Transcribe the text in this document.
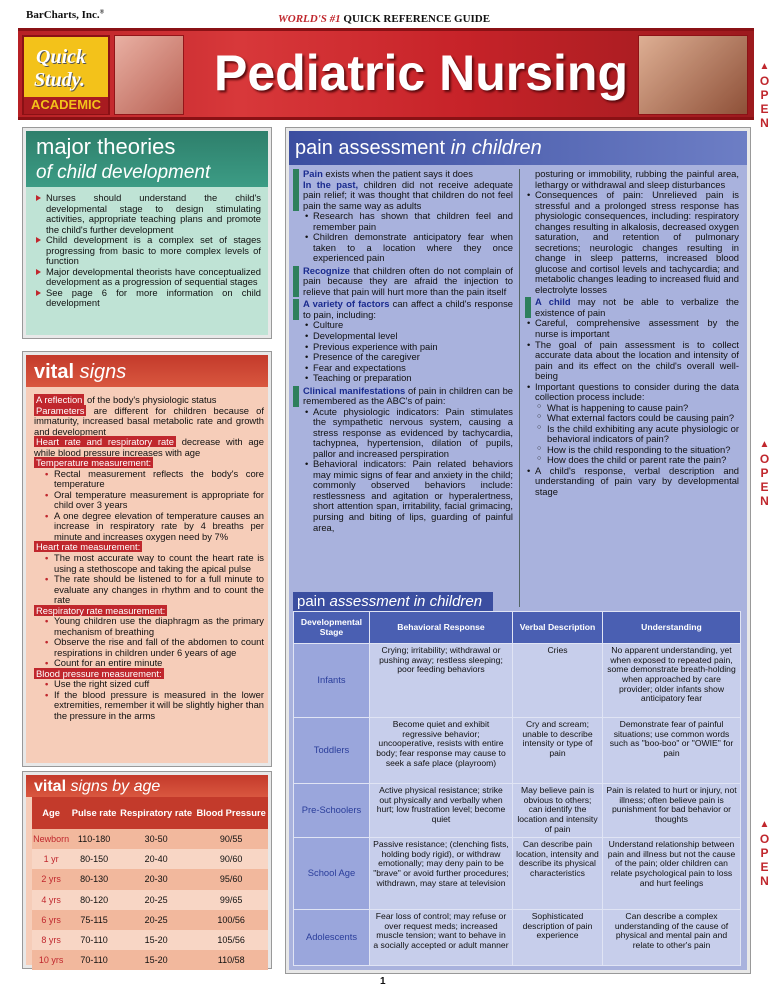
BarCharts, Inc.®
WORLD'S #1 QUICK REFERENCE GUIDE
Quick
Study.
ACADEMIC
Pediatric Nursing	▲
O
P
E
N
▲
O
P
E
N
▲
O
P
E
N
major theories
of child development
Nurses should understand the child's developmental stage to design stimulating activities, appropriate teaching plans and promote the child's further development
Child development is a complex set of stages progressing from basic to more complex levels of function
Major developmental theorists have conceptualized development as a progression of sequential stages
See page 6 for more information on child development
vital signs

A reflection of the body's physiologic status

Parameters are different for children because of immaturity, increased basal metabolic rate and growth and development

Heart rate and respiratory rate decrease with age while blood pressure increases with age

Temperature measurement:

• Rectal measurement reflects the body's core temperature
• Oral temperature measurement is appropriate for child over 3 years
• A one degree elevation of temperature causes an increase in respiratory rate by 4 breaths per minute and increases oxygen need by 7%

Heart rate measurement:

• The most accurate way to count the heart rate is using a stethoscope and taking the apical pulse
• The rate should be listened to for a full minute to evaluate any changes in rhythm and to count the rate

Respiratory rate measurement:

• Young children use the diaphragm as the primary mechanism of breathing
• Observe the rise and fall of the abdomen to count respirations in children under 6 years of age
• Count for an entire minute

Blood pressure measurement:

• Use the right sized cuff
• If the blood pressure is measured in the lower extremities, remember it will be slightly higher than the pressure in the arms
vital signs by age
Age	Pulse rate	Respiratory rate	Blood Pressure
Newborn	110-180	30-50	90/55
1 yr	80-150	20-40	90/60
2 yrs	80-130	20-30	95/60
4 yrs	80-120	20-25	99/65
6 yrs	75-115	20-25	100/56
8 yrs	70-110	15-20	105/56
10 yrs	70-110	15-20	110/58
pain assessment in children

Pain exists when the patient says it does

In the past, children did not receive adequate pain relief; it was thought that children do not feel pain the same way as adults

• Research has shown that children feel and remember pain
• Children demonstrate anticipatory fear when taken to a location where they once experienced pain

Recognize that children often do not complain of pain because they are afraid the injection to relieve that pain will hurt more than the pain itself

A variety of factors can affect a child's response to pain, including:

• Culture
• Developmental level
• Previous experience with pain
• Presence of the caregiver
• Fear and expectations
• Teaching or preparation

Clinical manifestations of pain in children can be remembered as the ABC's of pain:

• Acute physiologic indicators: Pain stimulates the sympathetic nervous system, causing a stress response as evidenced by tachycardia, tachypnea, hypertension, dilation of pupils, pallor and increased perspiration
• Behavioral indicators: Pain related behaviors may mimic signs of fear and anxiety in the child; commonly observed behaviors include: restlessness and agitation or hyperalertness, short attention span, irritability, facial grimacing, pursing and biting of lips, guarding of painful area,

posturing or immobility, rubbing the painful area, lethargy or withdrawal and sleep disturbances

• Consequences of pain: Unrelieved pain is stressful and a prolonged stress response has physiologic consequences, including: respiratory changes resulting in alkalosis, decreased oxygen saturation, and retention of pulmonary secretions; neurologic changes resulting in change in sleep patterns, increased blood glucose and cortisol levels and tachycardia; and metabolic changes leading to increased fluid and electrolyte losses

A child may not be able to verbalize the existence of pain

• Careful, comprehensive assessment by the nurse is important
• The goal of pain assessment is to collect accurate data about the location and intensity of pain and its effect on the child's overall well-being
• Important questions to consider during the data collection process include:
○ What is happening to cause pain?
○ What external factors could be causing pain?
○ Is the child exhibiting any acute physiologic or behavioral indicators of pain?
○ How is the child responding to the situation?
○ How does the child or parent rate the pain?
• A child's response, verbal description and understanding of pain vary by developmental stage
pain assessment in children
Developmental Stage	Behavioral Response	Verbal Description	Understanding
Infants	Crying; irritability; withdrawal or pushing away; restless sleeping; poor feeding behaviors	Cries	No apparent understanding, yet when exposed to repeated pain, some demonstrate breath-holding when approached by care provider; older infants show anticipatory fear
Toddlers	Become quiet and exhibit regressive behavior; uncooperative, resists with entire body; fear response may cause to seek a safe place (playroom)	Cry and scream; unable to describe intensity or type of pain	Demonstrate fear of painful situations; use common words such as "boo-boo" or "OWIE" for pain
Pre-Schoolers	Active physical resistance; strike out physically and verbally when hurt; low frustration level; become quiet	May believe pain is obvious to others; can identify the location and intensity of pain	Pain is related to hurt or injury, not illness; often believe pain is punishment for bad behavior or thoughts
School Age	Passive resistance; (clenching fists, holding body rigid), or withdraw emotionally; may deny pain to be "brave" or avoid further procedures; withdrawn, may stare at television	Can describe pain location, intensity and describe its physical characteristics	Understand relationship between pain and illness but not the cause of the pain; older children can relate psychological pain to loss and hurt feelings
Adolescents	Fear loss of control; may refuse or over request meds; increased muscle tension; want to behave in a socially accepted or adult manner	Sophisticated description of pain experience	Can describe a complex understanding of the cause of physical and mental pain and relate to other's pain
1
